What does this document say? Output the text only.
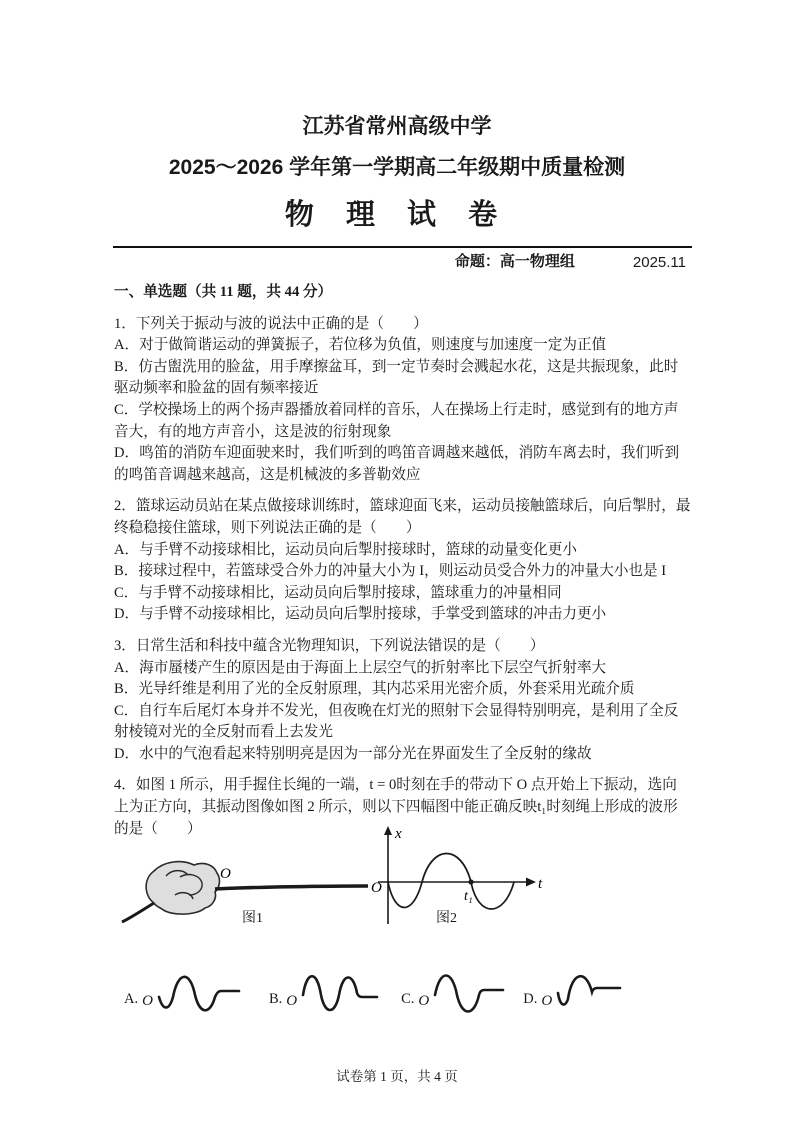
江苏省常州高级中学
2025～2026 学年第一学期高二年级期中质量检测
物 理 试 卷
命题：高一物理组	2025.11
一、单选题（共 11 题，共 44 分）
1．下列关于振动与波的说法中正确的是（　　）
A．对于做简谐运动的弹簧振子，若位移为负值，则速度与加速度一定为正值
B．仿古盥洗用的脸盆，用手摩擦盆耳，到一定节奏时会溅起水花，这是共振现象，此时
驱动频率和脸盆的固有频率接近
C．学校操场上的两个扬声器播放着同样的音乐，人在操场上行走时，感觉到有的地方声
音大，有的地方声音小，这是波的衍射现象
D．鸣笛的消防车迎面驶来时，我们听到的鸣笛音调越来越低，消防车离去时，我们听到
的鸣笛音调越来越高，这是机械波的多普勒效应
2．篮球运动员站在某点做接球训练时，篮球迎面飞来，运动员接触篮球后，向后掣肘，最
终稳稳接住篮球，则下列说法正确的是（　　）
A．与手臂不动接球相比，运动员向后掣肘接球时，篮球的动量变化更小
B．接球过程中，若篮球受合外力的冲量大小为 I，则运动员受合外力的冲量大小也是 I
C．与手臂不动接球相比，运动员向后掣肘接球，篮球重力的冲量相同
D．与手臂不动接球相比，运动员向后掣肘接球，手掌受到篮球的冲击力更小
3．日常生活和科技中蕴含光物理知识，下列说法错误的是（　　）
A．海市蜃楼产生的原因是由于海面上上层空气的折射率比下层空气折射率大
B．光导纤维是利用了光的全反射原理，其内芯采用光密介质，外套采用光疏介质
C．自行车后尾灯本身并不发光，但夜晚在灯光的照射下会显得特别明亮，是利用了全反
射棱镜对光的全反射而看上去发光
D．水中的气泡看起来特别明亮是因为一部分光在界面发生了全反射的缘故
4．如图 1 所示，用手握住长绳的一端，t = 0时刻在手的带动下 O 点开始上下振动，选向
上为正方向，其振动图像如图 2 所示，则以下四幅图中能正确反映t₁时刻绳上形成的波形
的是（　　）
O
图1
x
t
O
t₁
图2
A. O	B. O	C. O	D. O
试卷第 1 页，共 4 页
